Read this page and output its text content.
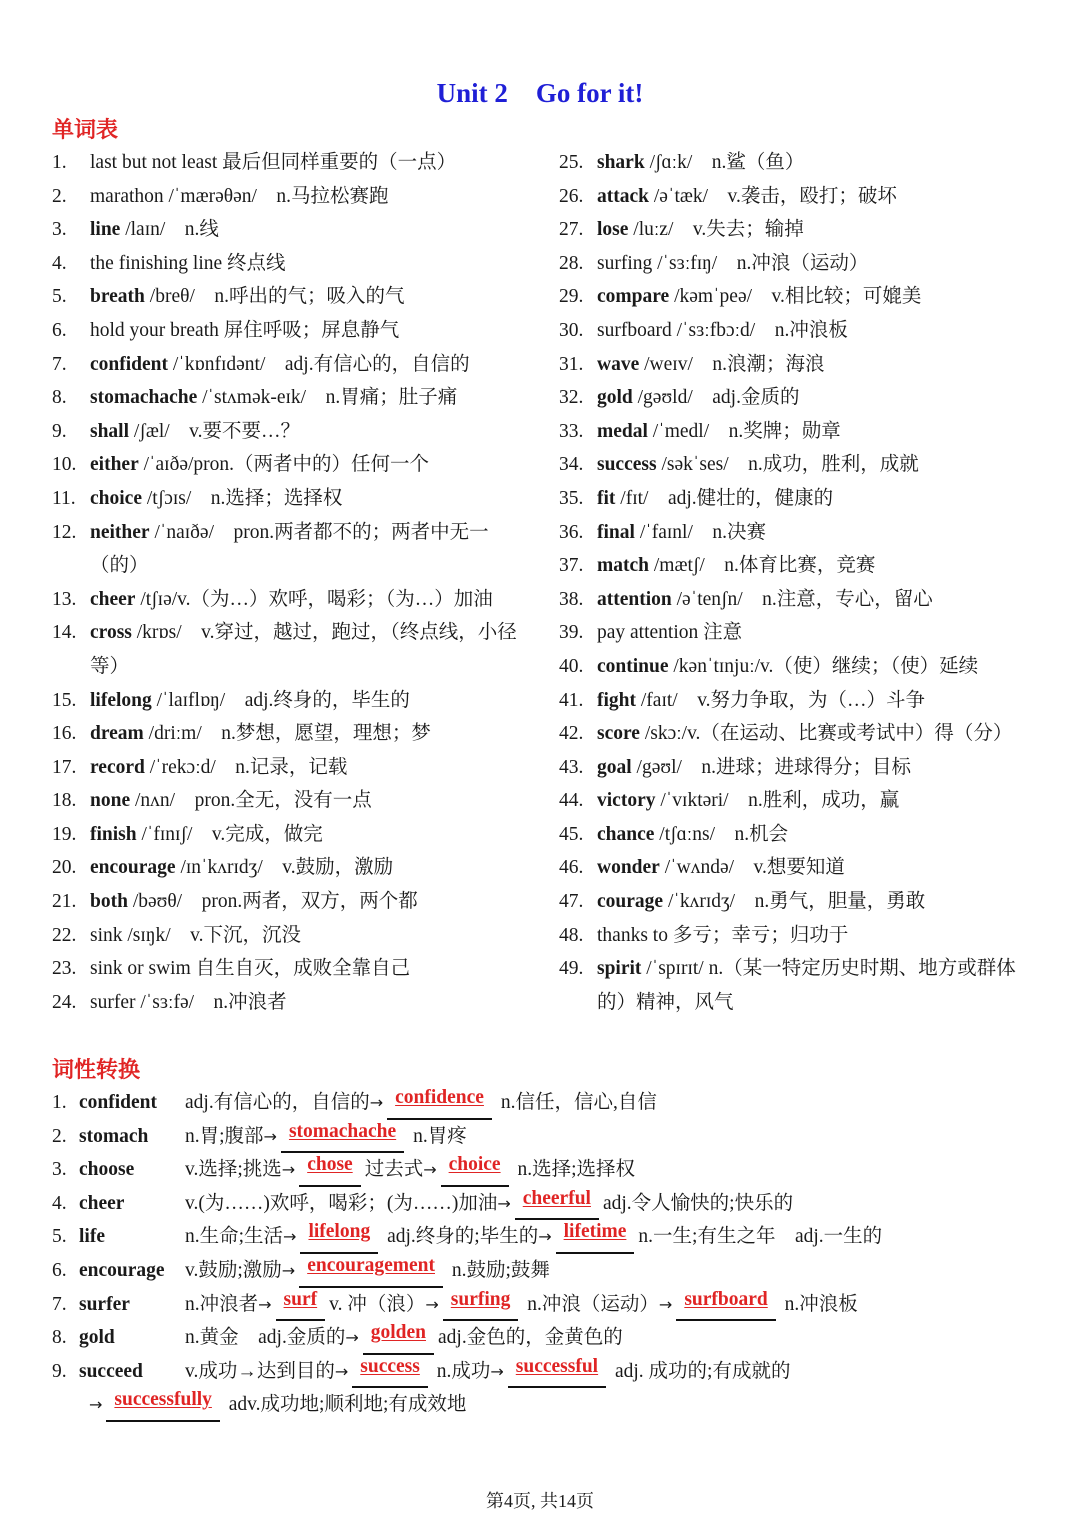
Unit 2 Go for it!
单词表
1.	last but not least 最后但同样重要的（一点）
2.	marathon /ˈmærəθən/　n.马拉松赛跑
3.	line /laɪn/　n.线
4.	the finishing line 终点线
5.	breath /breθ/　n.呼出的气；吸入的气
6.	hold your breath 屏住呼吸；屏息静气
7.	confident /ˈkɒnfɪdənt/　adj.有信心的，自信的
8.	stomachache /ˈstʌmək-eɪk/　n.胃痛；肚子痛
9.	shall /ʃæl/　v.要不要…？
10. either /ˈaɪðə/pron.（两者中的）任何一个
11. choice /tʃɔɪs/　n.选择；选择权
12. neither /ˈnaɪðə/　pron.两者都不的；两者中无一（的）
13. cheer /tʃɪə/v.（为…）欢呼，喝彩；（为…）加油
14. cross /krɒs/　v.穿过，越过，跑过，（终点线，小径等）
15. lifelong /ˈlaɪflɒŋ/　adj.终身的，毕生的
16. dream /driːm/　n.梦想，愿望，理想；梦
17. record /ˈrekɔːd/　n.记录，记载
18. none /nʌn/　pron.全无，没有一点
19. finish /ˈfɪnɪʃ/　v.完成，做完
20. encourage /ɪnˈkʌrɪdʒ/　v.鼓励，激励
21. both /bəʊθ/　pron.两者，双方，两个都
22. sink /sɪŋk/　v.下沉，沉没
23. sink or swim 自生自灭，成败全靠自己
24. surfer /ˈsɜːfə/　n.冲浪者
25. shark /ʃɑːk/　n.鲨（鱼）
26. attack /əˈtæk/　v.袭击，殴打；破坏
27. lose /luːz/　v.失去；输掉
28. surfing /ˈsɜːfɪŋ/　n.冲浪（运动）
29. compare /kəmˈpeə/　v.相比较；可媲美
30. surfboard /ˈsɜːfbɔːd/　n.冲浪板
31. wave /weɪv/　n.浪潮；海浪
32. gold /gəʊld/　adj.金质的
33. medal /ˈmedl/　n.奖牌；勋章
34. success /səkˈses/　n.成功，胜利，成就
35. fit /fɪt/　adj.健壮的，健康的
36. final /ˈfaɪnl/　n.决赛
37. match /mætʃ/　n.体育比赛，竞赛
38. attention /əˈtenʃn/　n.注意，专心，留心
39. pay attention 注意
40. continue /kənˈtɪnjuː/v.（使）继续；（使）延续
41. fight /faɪt/　v.努力争取，为（…）斗争
42. score /skɔː/v.（在运动、比赛或考试中）得（分）
43. goal /gəʊl/　n.进球；进球得分；目标
44. victory /ˈvɪktəri/　n.胜利，成功，赢
45. chance /tʃɑːns/　n.机会
46. wonder /ˈwʌndə/　v.想要知道
47. courage /ˈkʌrɪdʒ/　n.勇气，胆量，勇敢
48. thanks to 多亏；幸亏；归功于
49. spirit /ˈspɪrɪt/ n.（某一特定历史时期、地方或群体的）精神，风气
词性转换
1. confident	adj.有信心的，自信的 → confidence n.信任，信心,自信
2. stomach	n.胃;腹部 → stomachache n.胃疼
3. choose	v.选择;挑选 → chose 过去式 → choice n.选择;选择权
4. cheer	v.(为……)欢呼，喝彩；(为……)加油 → cheerful adj.令人愉快的;快乐的
5. life	n.生命;生活 → lifelong adj.终身的;毕生的 → lifetime n.一生;有生之年　adj.一生的
6. encourage	v.鼓励;激励 → encouragement n.鼓励;鼓舞
7. surfer	n.冲浪者 → surf v. 冲（浪） → surfing n.冲浪（运动） → surfboard n.冲浪板
8. gold	n.黄金　adj.金质的 → golden adj.金色的，金黄色的
9. succeed	v.成功→达到目的 → success n.成功 → successful adj. 成功的;有成就的
→ successfully adv.成功地;顺利地;有成效地
第4页, 共14页
